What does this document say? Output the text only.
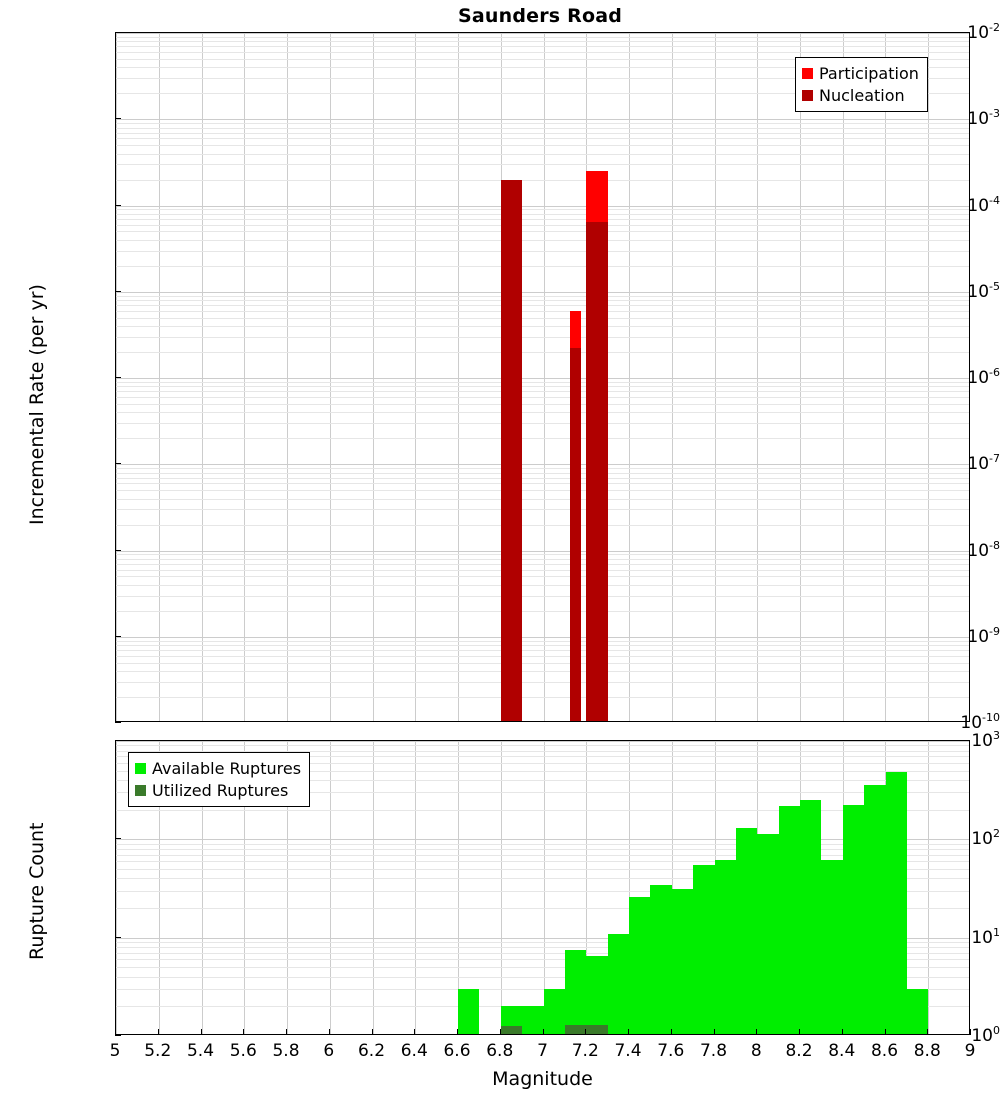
Saunders Road
$10^{-10}$
$10^{-9}$
$10^{-8}$
$10^{-7}$
$10^{-6}$
$10^{-5}$
$10^{-4}$
$10^{-3}$
$10^{-2}$
Incremental Rate (per yr)
Participation
Nucleation
$10^0$
$10^1$
$10^2$
$10^3$
5 5.2 5.4 5.6 5.8 6 6.2 6.4 6.6 6.8 7 7.2 7.4 7.6 7.8 8 8.2 8.4 8.6 8.8 9
Rupture Count
Magnitude
Available Ruptures
Utilized Ruptures
